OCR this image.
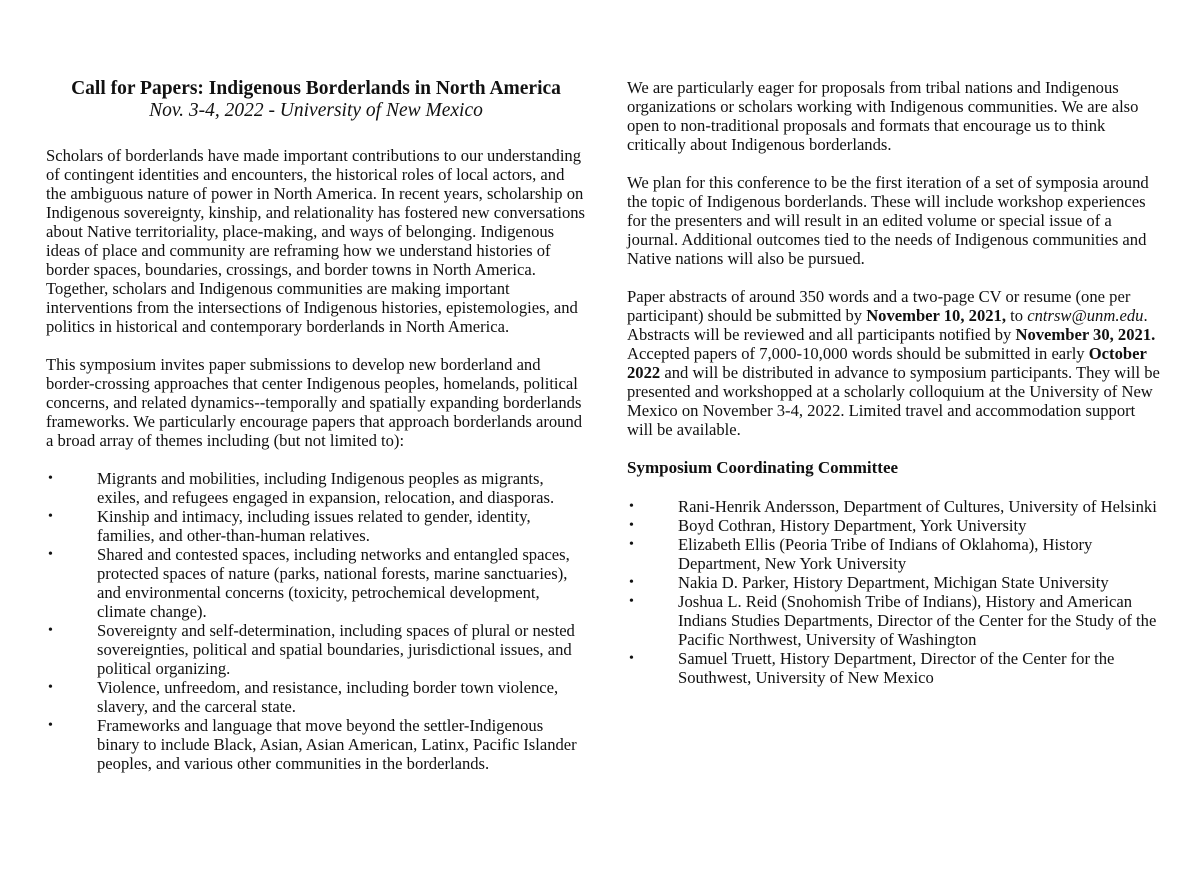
Call for Papers: Indigenous Borderlands in North America
Nov. 3-4, 2022 - University of New Mexico

Scholars of borderlands have made important contributions to our understanding of contingent identities and encounters, the historical roles of local actors, and the ambiguous nature of power in North America. In recent years, scholarship on Indigenous sovereignty, kinship, and relationality has fostered new conversations about Native territoriality, place-making, and ways of belonging. Indigenous ideas of place and community are reframing how we understand histories of border spaces, boundaries, crossings, and border towns in North America. Together, scholars and Indigenous communities are making important interventions from the intersections of Indigenous histories, epistemologies, and politics in historical and contemporary borderlands in North America.

This symposium invites paper submissions to develop new borderland and border-crossing approaches that center Indigenous peoples, homelands, political concerns, and related dynamics--temporally and spatially expanding borderlands frameworks. We particularly encourage papers that approach borderlands around a broad array of themes including (but not limited to):

•	Migrants and mobilities, including Indigenous peoples as migrants, exiles, and refugees engaged in expansion, relocation, and diasporas.
•	Kinship and intimacy, including issues related to gender, identity, families, and other-than-human relatives.
•	Shared and contested spaces, including networks and entangled spaces, protected spaces of nature (parks, national forests, marine sanctuaries), and environmental concerns (toxicity, petrochemical development, climate change).
•	Sovereignty and self-determination, including spaces of plural or nested sovereignties, political and spatial boundaries, jurisdictional issues, and political organizing.
•	Violence, unfreedom, and resistance, including border town violence, slavery, and the carceral state.
•	Frameworks and language that move beyond the settler-Indigenous binary to include Black, Asian, Asian American, Latinx, Pacific Islander peoples, and various other communities in the borderlands.

We are particularly eager for proposals from tribal nations and Indigenous organizations or scholars working with Indigenous communities. We are also open to non-traditional proposals and formats that encourage us to think critically about Indigenous borderlands.

We plan for this conference to be the first iteration of a set of symposia around the topic of Indigenous borderlands. These will include workshop experiences for the presenters and will result in an edited volume or special issue of a journal. Additional outcomes tied to the needs of Indigenous communities and Native nations will also be pursued.

Paper abstracts of around 350 words and a two-page CV or resume (one per participant) should be submitted by November 10, 2021, to cntrsw@unm.edu. Abstracts will be reviewed and all participants notified by November 30, 2021. Accepted papers of 7,000-10,000 words should be submitted in early October 2022 and will be distributed in advance to symposium participants. They will be presented and workshopped at a scholarly colloquium at the University of New Mexico on November 3-4, 2022. Limited travel and accommodation support will be available.

Symposium Coordinating Committee
•	Rani-Henrik Andersson, Department of Cultures, University of Helsinki
•	Boyd Cothran, History Department, York University
•	Elizabeth Ellis (Peoria Tribe of Indians of Oklahoma), History Department, New York University
•	Nakia D. Parker, History Department, Michigan State University
•	Joshua L. Reid (Snohomish Tribe of Indians), History and American Indians Studies Departments, Director of the Center for the Study of the Pacific Northwest, University of Washington
•	Samuel Truett, History Department, Director of the Center for the Southwest, University of New Mexico
